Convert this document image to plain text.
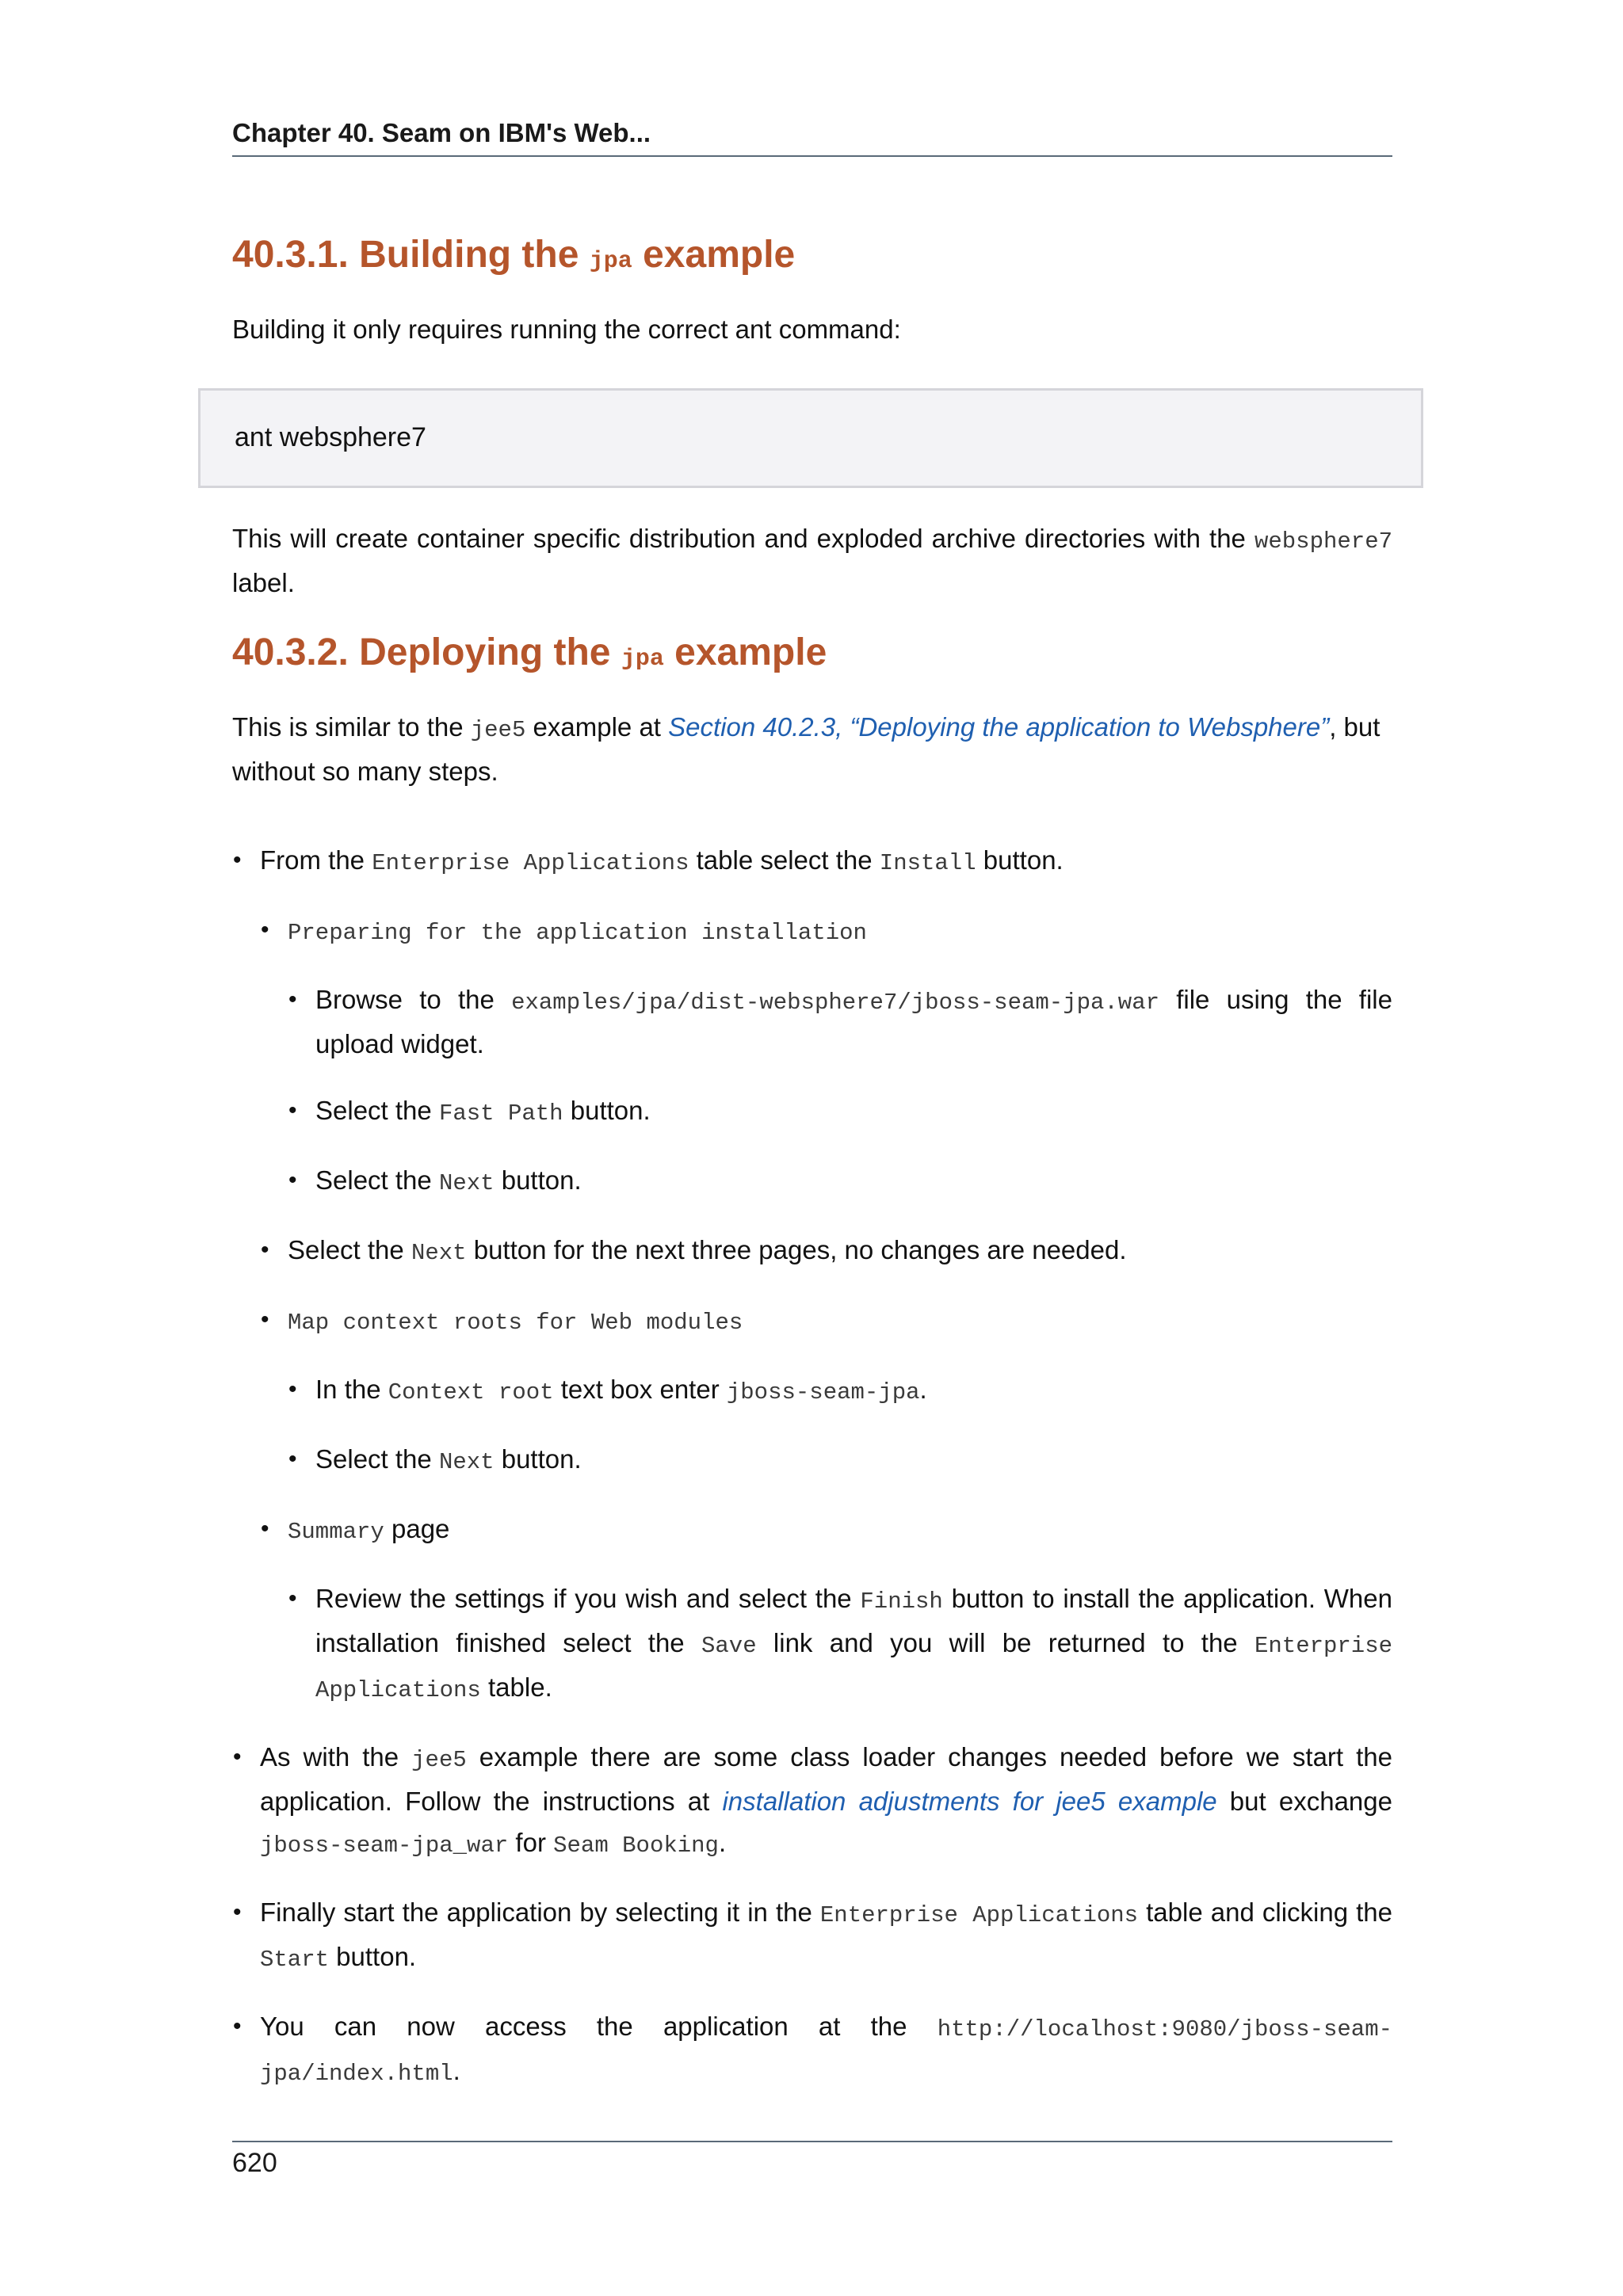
Chapter 40. Seam on IBM's Web...
40.3.1. Building the jpa example

Building it only requires running the correct ant command:

ant websphere7

This will create container specific distribution and exploded archive directories with the websphere7 label.

40.3.2. Deploying the jpa example

This is similar to the jee5 example at Section 40.2.3, “Deploying the application to Websphere”, but without so many steps.

• From the Enterprise Applications table select the Install button.
• Preparing for the application installation
• Browse to the examples/jpa/dist-websphere7/jboss-seam-jpa.war file using the file upload widget.
• Select the Fast Path button.
• Select the Next button.
• Select the Next button for the next three pages, no changes are needed.
• Map context roots for Web modules
• In the Context root text box enter jboss-seam-jpa.
• Select the Next button.
• Summary page
• Review the settings if you wish and select the Finish button to install the application. When installation finished select the Save link and you will be returned to the Enterprise Applications table.
• As with the jee5 example there are some class loader changes needed before we start the application. Follow the instructions at installation adjustments for jee5 example but exchange jboss-seam-jpa_war for Seam Booking.
• Finally start the application by selecting it in the Enterprise Applications table and clicking the Start button.
• You can now access the application at the http://localhost:9080/jboss-seam-jpa/index.html.
620
